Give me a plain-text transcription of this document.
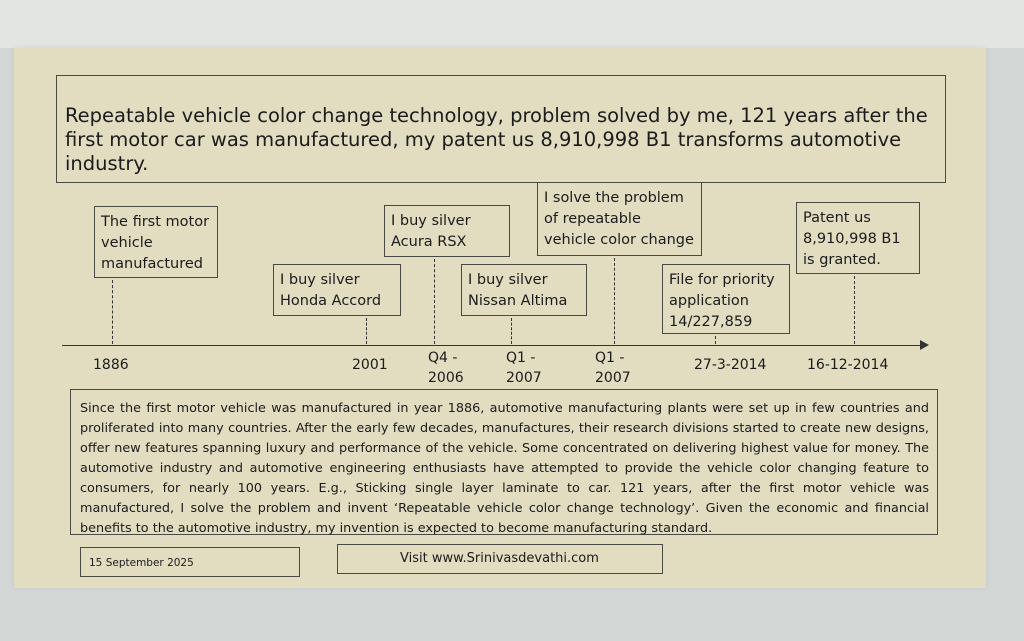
Repeatable vehicle color change technology, problem solved by me, 121 years after the first motor car was manufactured, my patent us 8,910,998 B1 transforms automotive industry.
The first motor vehicle manufactured
I buy silver Honda Accord
I buy silver Acura RSX
I buy silver Nissan Altima
I solve the problem of repeatable vehicle color change
File for priority application 14/227,859
Patent us 8,910,998 B1 is granted.
1886	2001	Q4 - 2006
Q1 - 2007
Q1 - 2007
27-3-2014	16-12-2014
Since the first motor vehicle was manufactured in year 1886, automotive manufacturing plants were set up in few countries and proliferated into many countries. After the early few decades, manufactures, their research divisions started to create new designs, offer new features spanning luxury and performance of the vehicle. Some concentrated on delivering highest value for money. The automotive industry and automotive engineering enthusiasts have attempted to provide the vehicle color changing feature to consumers, for nearly 100 years. E.g., Sticking single layer laminate to car. 121 years, after the first motor vehicle was manufactured, I solve the problem and invent ‘Repeatable vehicle color change technology’. Given the economic and financial benefits to the automotive industry, my invention is expected to become manufacturing standard.
15 September 2025	Visit www.Srinivasdevathi.com
